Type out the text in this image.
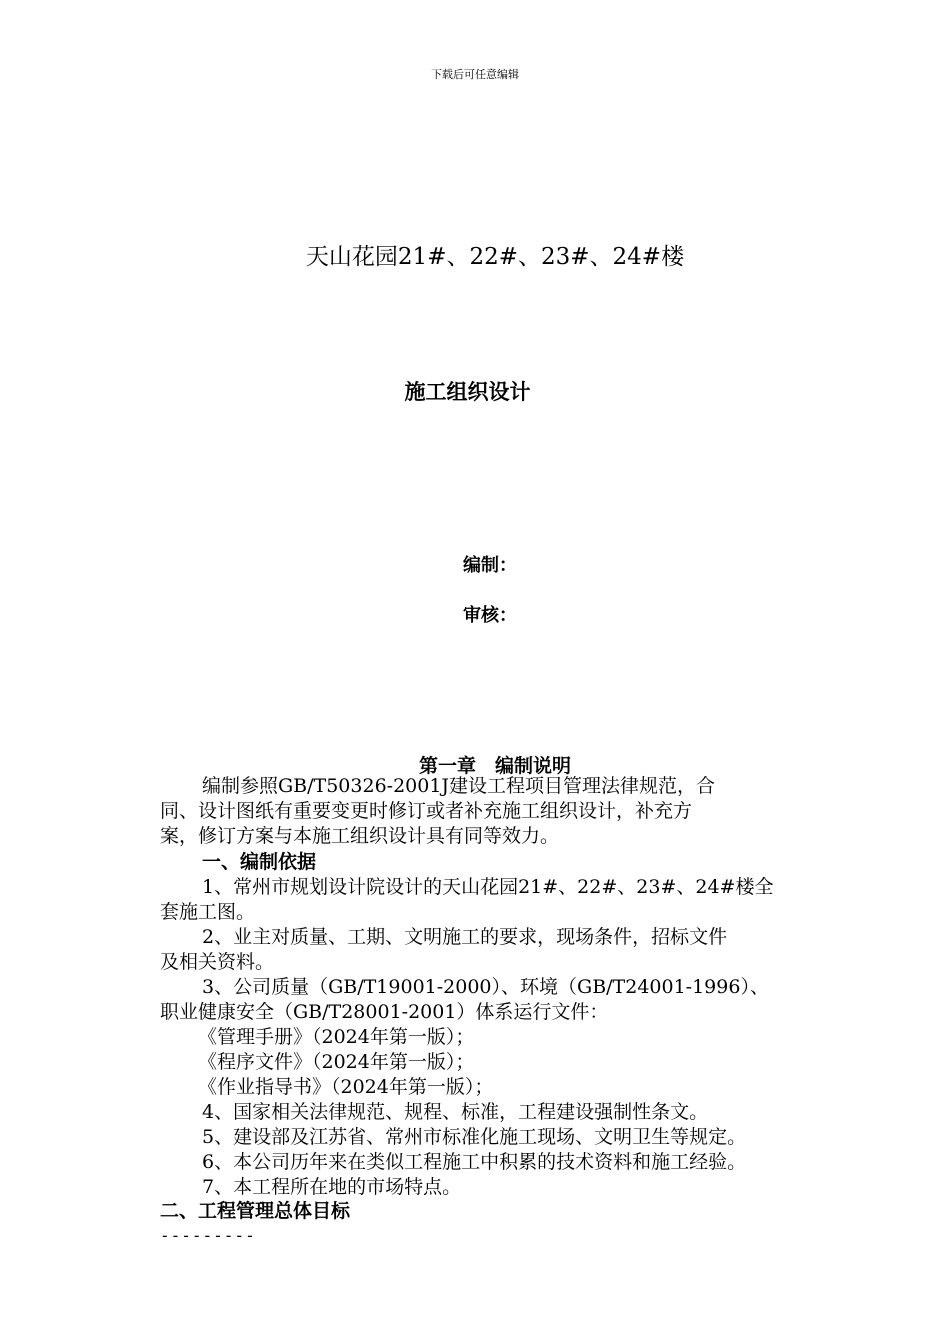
下载后可任意编辑
天山花园21#、22#、23#、24#楼
施工组织设计
编制：
审核：
第一章　编制说明
编制参照GB/T50326-2001J建设工程项目管理法律规范，合
同、设计图纸有重要变更时修订或者补充施工组织设计，补充方
案，修订方案与本施工组织设计具有同等效力。
一、编制依据
1、常州市规划设计院设计的天山花园21#、22#、23#、24#楼全
套施工图。
2、业主对质量、工期、文明施工的要求，现场条件，招标文件
及相关资料。
3、公司质量（GB/T19001-2000）、环境（GB/T24001-1996）、
职业健康安全（GB/T28001-2001）体系运行文件：
《管理手册》（2024年第一版）；
《程序文件》（2024年第一版）；
《作业指导书》（2024年第一版）；
4、国家相关法律规范、规程、标准，工程建设强制性条文。
5、建设部及江苏省、常州市标准化施工现场、文明卫生等规定。
6、本公司历年来在类似工程施工中积累的技术资料和施工经验。
7、本工程所在地的市场特点。
二、工程管理总体目标
---------
